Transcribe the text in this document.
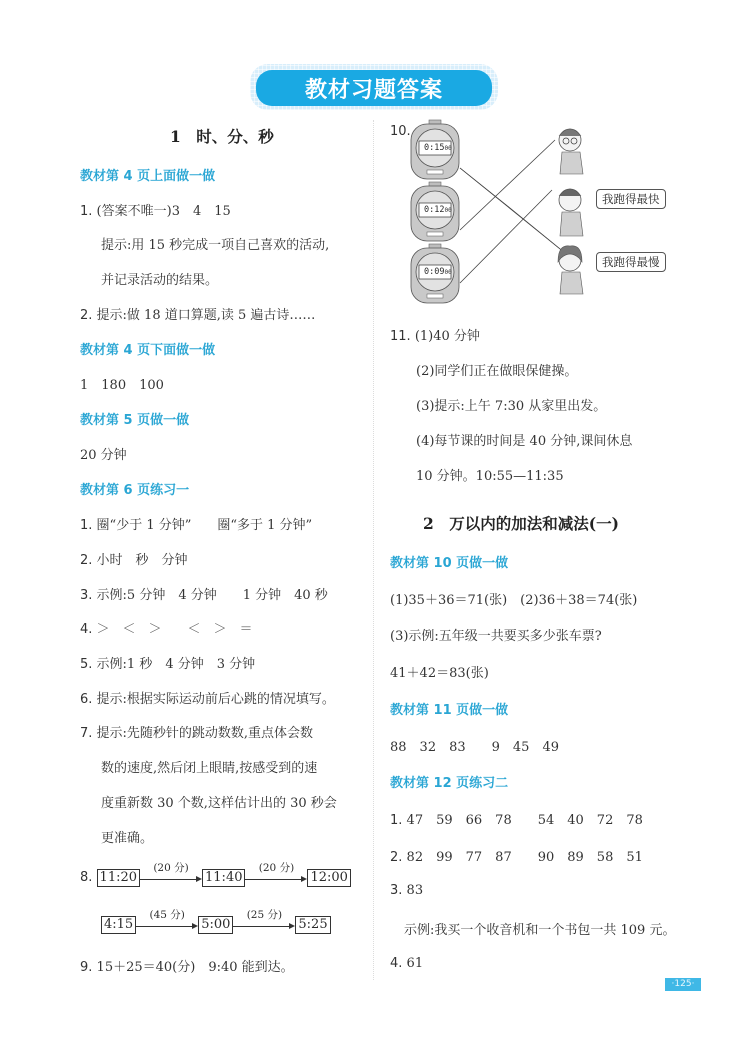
教材习题答案
1　时、分、秒
教材第 4 页上面做一做
1. (答案不唯一)3　4　15
提示:用 15 秒完成一项自己喜欢的活动,
并记录活动的结果。
2. 提示:做 18 道口算题,读 5 遍古诗……
教材第 4 页下面做一做
1　180　100
教材第 5 页做一做
20 分钟
教材第 6 页练习一
1. 圈“少于 1 分钟”　　圈“多于 1 分钟”
2. 小时　秒　分钟
3. 示例:5 分钟　4 分钟　　1 分钟　40 秒
4. ＞　＜　＞　　＜　＞　＝
5. 示例:1 秒　4 分钟　3 分钟
6. 提示:根据实际运动前后心跳的情况填写。
7. 提示:先随秒针的跳动数数,重点体会数
数的速度,然后闭上眼睛,按感受到的速
度重新数 30 个数,这样估计出的 30 秒会
更准确。
8. 11:20
(20 分)
11:40
(20 分)
12:00
4:15
(45 分)
5:00
(25 分)
5:25
9. 15＋25＝40(分)　9:40 能到达。
10.
0:1500
0:1200
0:0900
我跑得最快
我跑得最慢
11. (1)40 分钟
(2)同学们正在做眼保健操。
(3)提示:上午 7:30 从家里出发。
(4)每节课的时间是 40 分钟,课间休息
10 分钟。10:55—11:35
2　万以内的加法和减法(一)
教材第 10 页做一做
(1)35＋36＝71(张)　(2)36＋38＝74(张)
(3)示例:五年级一共要买多少张车票?
41＋42＝83(张)
教材第 11 页做一做
88　32　83　　9　45　49
教材第 12 页练习二
1. 47　59　66　78　　54　40　72　78
2. 82　99　77　87　　90　89　58　51
3. 83
示例:我买一个收音机和一个书包一共 109 元。
4. 61
·125·
